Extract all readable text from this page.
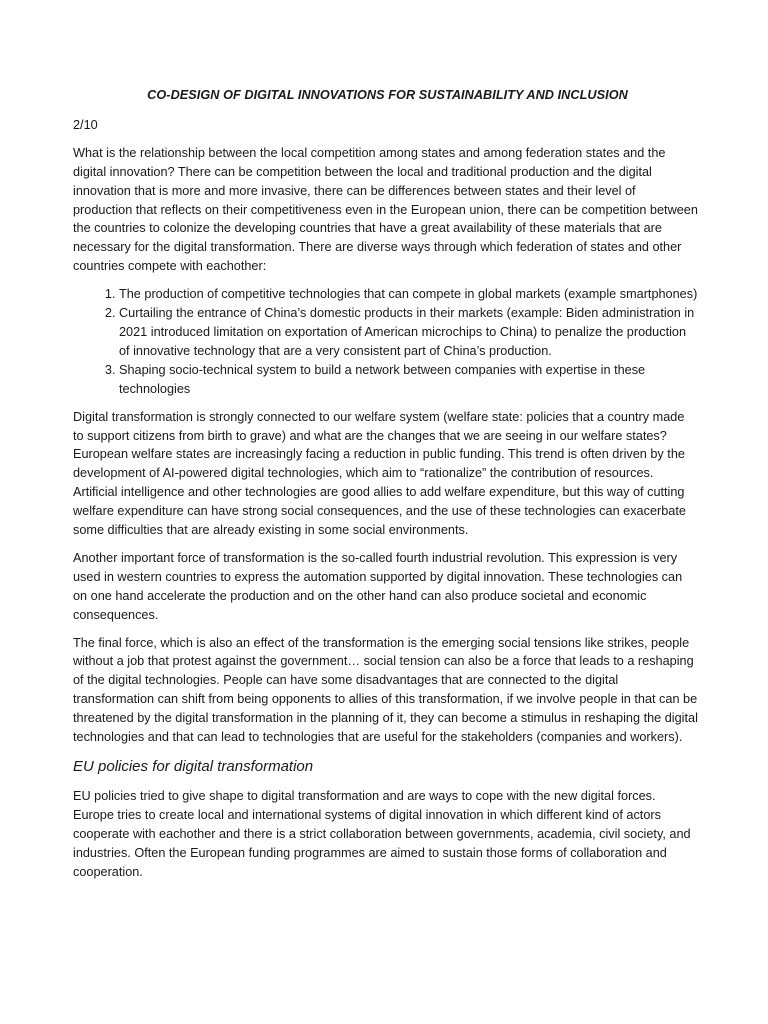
CO-DESIGN OF DIGITAL INNOVATIONS FOR SUSTAINABILITY AND INCLUSION
2/10

What is the relationship between the local competition among states and among federation states and the digital innovation? There can be competition between the local and traditional production and the digital innovation that is more and more invasive, there can be differences between states and their level of production that reflects on their competitiveness even in the European union, there can be competition between the countries to colonize the developing countries that have a great availability of these materials that are necessary for the digital transformation. There are diverse ways through which federation of states and other countries compete with eachother:

1. The production of competitive technologies that can compete in global markets (example smartphones)
2. Curtailing the entrance of China’s domestic products in their markets (example: Biden administration in 2021 introduced limitation on exportation of American microchips to China) to penalize the production of innovative technology that are a very consistent part of China’s production.
3. Shaping socio-technical system to build a network between companies with expertise in these technologies

Digital transformation is strongly connected to our welfare system (welfare state: policies that a country made to support citizens from birth to grave) and what are the changes that we are seeing in our welfare states? European welfare states are increasingly facing a reduction in public funding. This trend is often driven by the development of AI-powered digital technologies, which aim to “rationalize” the contribution of resources. Artificial intelligence and other technologies are good allies to add welfare expenditure, but this way of cutting welfare expenditure can have strong social consequences, and the use of these technologies can exacerbate some difficulties that are already existing in some social environments.

Another important force of transformation is the so-called fourth industrial revolution. This expression is very used in western countries to express the automation supported by digital innovation. These technologies can on one hand accelerate the production and on the other hand can also produce societal and economic consequences.

The final force, which is also an effect of the transformation is the emerging social tensions like strikes, people without a job that protest against the government… social tension can also be a force that leads to a reshaping of the digital technologies. People can have some disadvantages that are connected to the digital transformation can shift from being opponents to allies of this transformation, if we involve people in that can be threatened by the digital transformation in the planning of it, they can become a stimulus in reshaping the digital technologies and that can lead to technologies that are useful for the stakeholders (companies and workers).

EU policies for digital transformation

EU policies tried to give shape to digital transformation and are ways to cope with the new digital forces. Europe tries to create local and international systems of digital innovation in which different kind of actors cooperate with eachother and there is a strict collaboration between governments, academia, civil society, and industries. Often the European funding programmes are aimed to sustain those forms of collaboration and cooperation.
